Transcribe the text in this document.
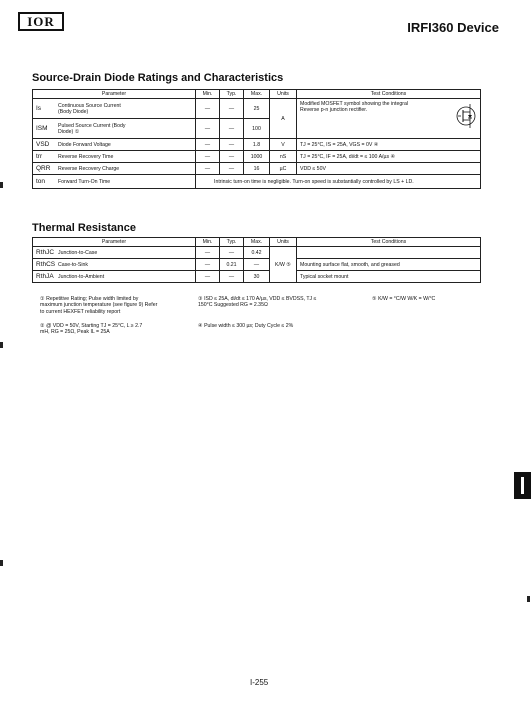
IOR	IRFI360 Device
Source-Drain Diode Ratings and Characteristics
Parameter	Min.	Typ.	Max.	Units	Test Conditions
Is Continuous Source Current (Body Diode)	—	—	25	A	Modified MOSFET symbol showing the integral Reverse p-n junction rectifier.

ISM Pulsed Source Current (Body Diode) ①	—	—	100		
VSD Diode Forward Voltage	—	—	1.8	V	TJ = 25°C, IS = 25A, VGS = 0V ④
trr Reverse Recovery Time	—	—	1000	nS	TJ = 25°C, IF = 25A, di/dt = ≤ 100 A/µs ④
QRR Reverse Recovery Charge	—	—	16	µC	VDD ≤ 50V
ton Forward Turn-On Time	Intrinsic turn-on time is negligible. Turn-on speed is substantially controlled by LS + LD.				
Thermal Resistance
Parameter	Min.	Typ.	Max.	Units	Test Conditions
RthJC Junction-to-Case	—	—	0.42	K/W ⑤	
RthCS Case-to-Sink	—	0.21	—		Mounting surface flat, smooth, and greased
RthJA Junction-to-Ambient	—	—	30		Typical socket mount
① Repetitive Rating; Pulse width limited by maximum junction temperature (see figure 9) Refer to current HEXFET reliability report
② @ VDD = 50V, Starting TJ = 25°C, L ≥ 2.7 mH, RG = 25Ω, Peak IL = 25A
③ ISD ≤ 25A, di/dt ≤ 170 A/µs, VDD ≤ BVDSS, TJ ≤ 150°C Suggested RG = 2.35Ω
④ Pulse width ≤ 300 µs; Duty Cycle ≤ 2%
⑤ K/W = °C/W W/K = W/°C
I-255
